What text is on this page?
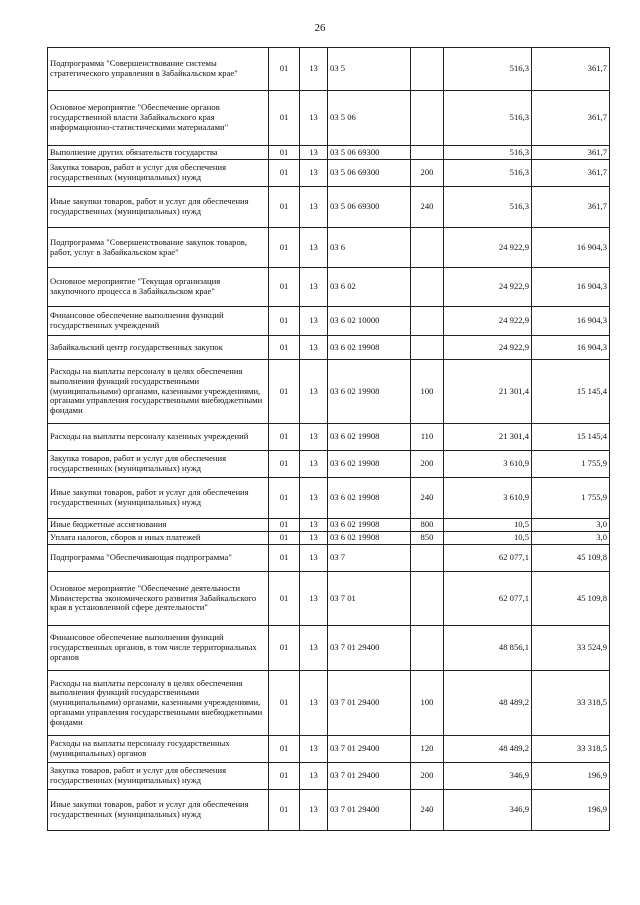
26
Подпрограмма "Совершенствование системы стратегического управления в Забайкальском крае"	01	13	03 5		516,3	361,7
Основное мероприятие "Обеспечение органов государственной власти Забайкальского края информационно-статистическими материалами"	01	13	03 5 06		516,3	361,7
Выполнение других обязательств государства	01	13	03 5 06 69300		516,3	361,7
Закупка товаров, работ и услуг для обеспечения государственных (муниципальных) нужд	01	13	03 5 06 69300	200	516,3	361,7
Иные закупки товаров, работ и услуг для обеспечения государственных (муниципальных) нужд	01	13	03 5 06 69300	240	516,3	361,7
Подпрограмма "Совершенствование закупок товаров, работ, услуг в Забайкальском крае"	01	13	03 6		24 922,9	16 904,3
Основное мероприятие "Текущая организация закупочного процесса в Забайкальском крае"	01	13	03 6 02		24 922,9	16 904,3
Финансовое обеспечение выполнения функций государственных учреждений	01	13	03 6 02 10000		24 922,9	16 904,3
Забайкальский центр государственных закупок	01	13	03 6 02 19908		24 922,9	16 904,3
Расходы на выплаты персоналу в целях обеспечения выполнения функций государственными (муниципальными) органами, казенными учреждениями, органами управления государственными внебюджетными фондами	01	13	03 6 02 19908	100	21 301,4	15 145,4
Расходы на выплаты персоналу казенных учреждений	01	13	03 6 02 19908	110	21 301,4	15 145,4
Закупка товаров, работ и услуг для обеспечения государственных (муниципальных) нужд	01	13	03 6 02 19908	200	3 610,9	1 755,9
Иные закупки товаров, работ и услуг для обеспечения государственных (муниципальных) нужд	01	13	03 6 02 19908	240	3 610,9	1 755,9
Иные бюджетные ассигнования	01	13	03 6 02 19908	800	10,5	3,0
Уплата налогов, сборов и иных платежей	01	13	03 6 02 19908	850	10,5	3,0
Подпрограмма "Обеспечивающая подпрограмма"	01	13	03 7		62 077,1	45 109,8
Основное мероприятие "Обеспечение деятельности Министерства экономического развития Забайкальского края в установленной сфере деятельности"	01	13	03 7 01		62 077,1	45 109,8
Финансовое обеспечение выполнения функций государственных органов, в том числе территориальных органов	01	13	03 7 01 29400		48 856,1	33 524,9
Расходы на выплаты персоналу в целях обеспечения выполнения функций государственными (муниципальными) органами, казенными учреждениями, органами управления государственными внебюджетными фондами	01	13	03 7 01 29400	100	48 489,2	33 318,5
Расходы на выплаты персоналу государственных (муниципальных) органов	01	13	03 7 01 29400	120	48 489,2	33 318,5
Закупка товаров, работ и услуг для обеспечения государственных (муниципальных) нужд	01	13	03 7 01 29400	200	346,9	196,9
Иные закупки товаров, работ и услуг для обеспечения государственных (муниципальных) нужд	01	13	03 7 01 29400	240	346,9	196,9
